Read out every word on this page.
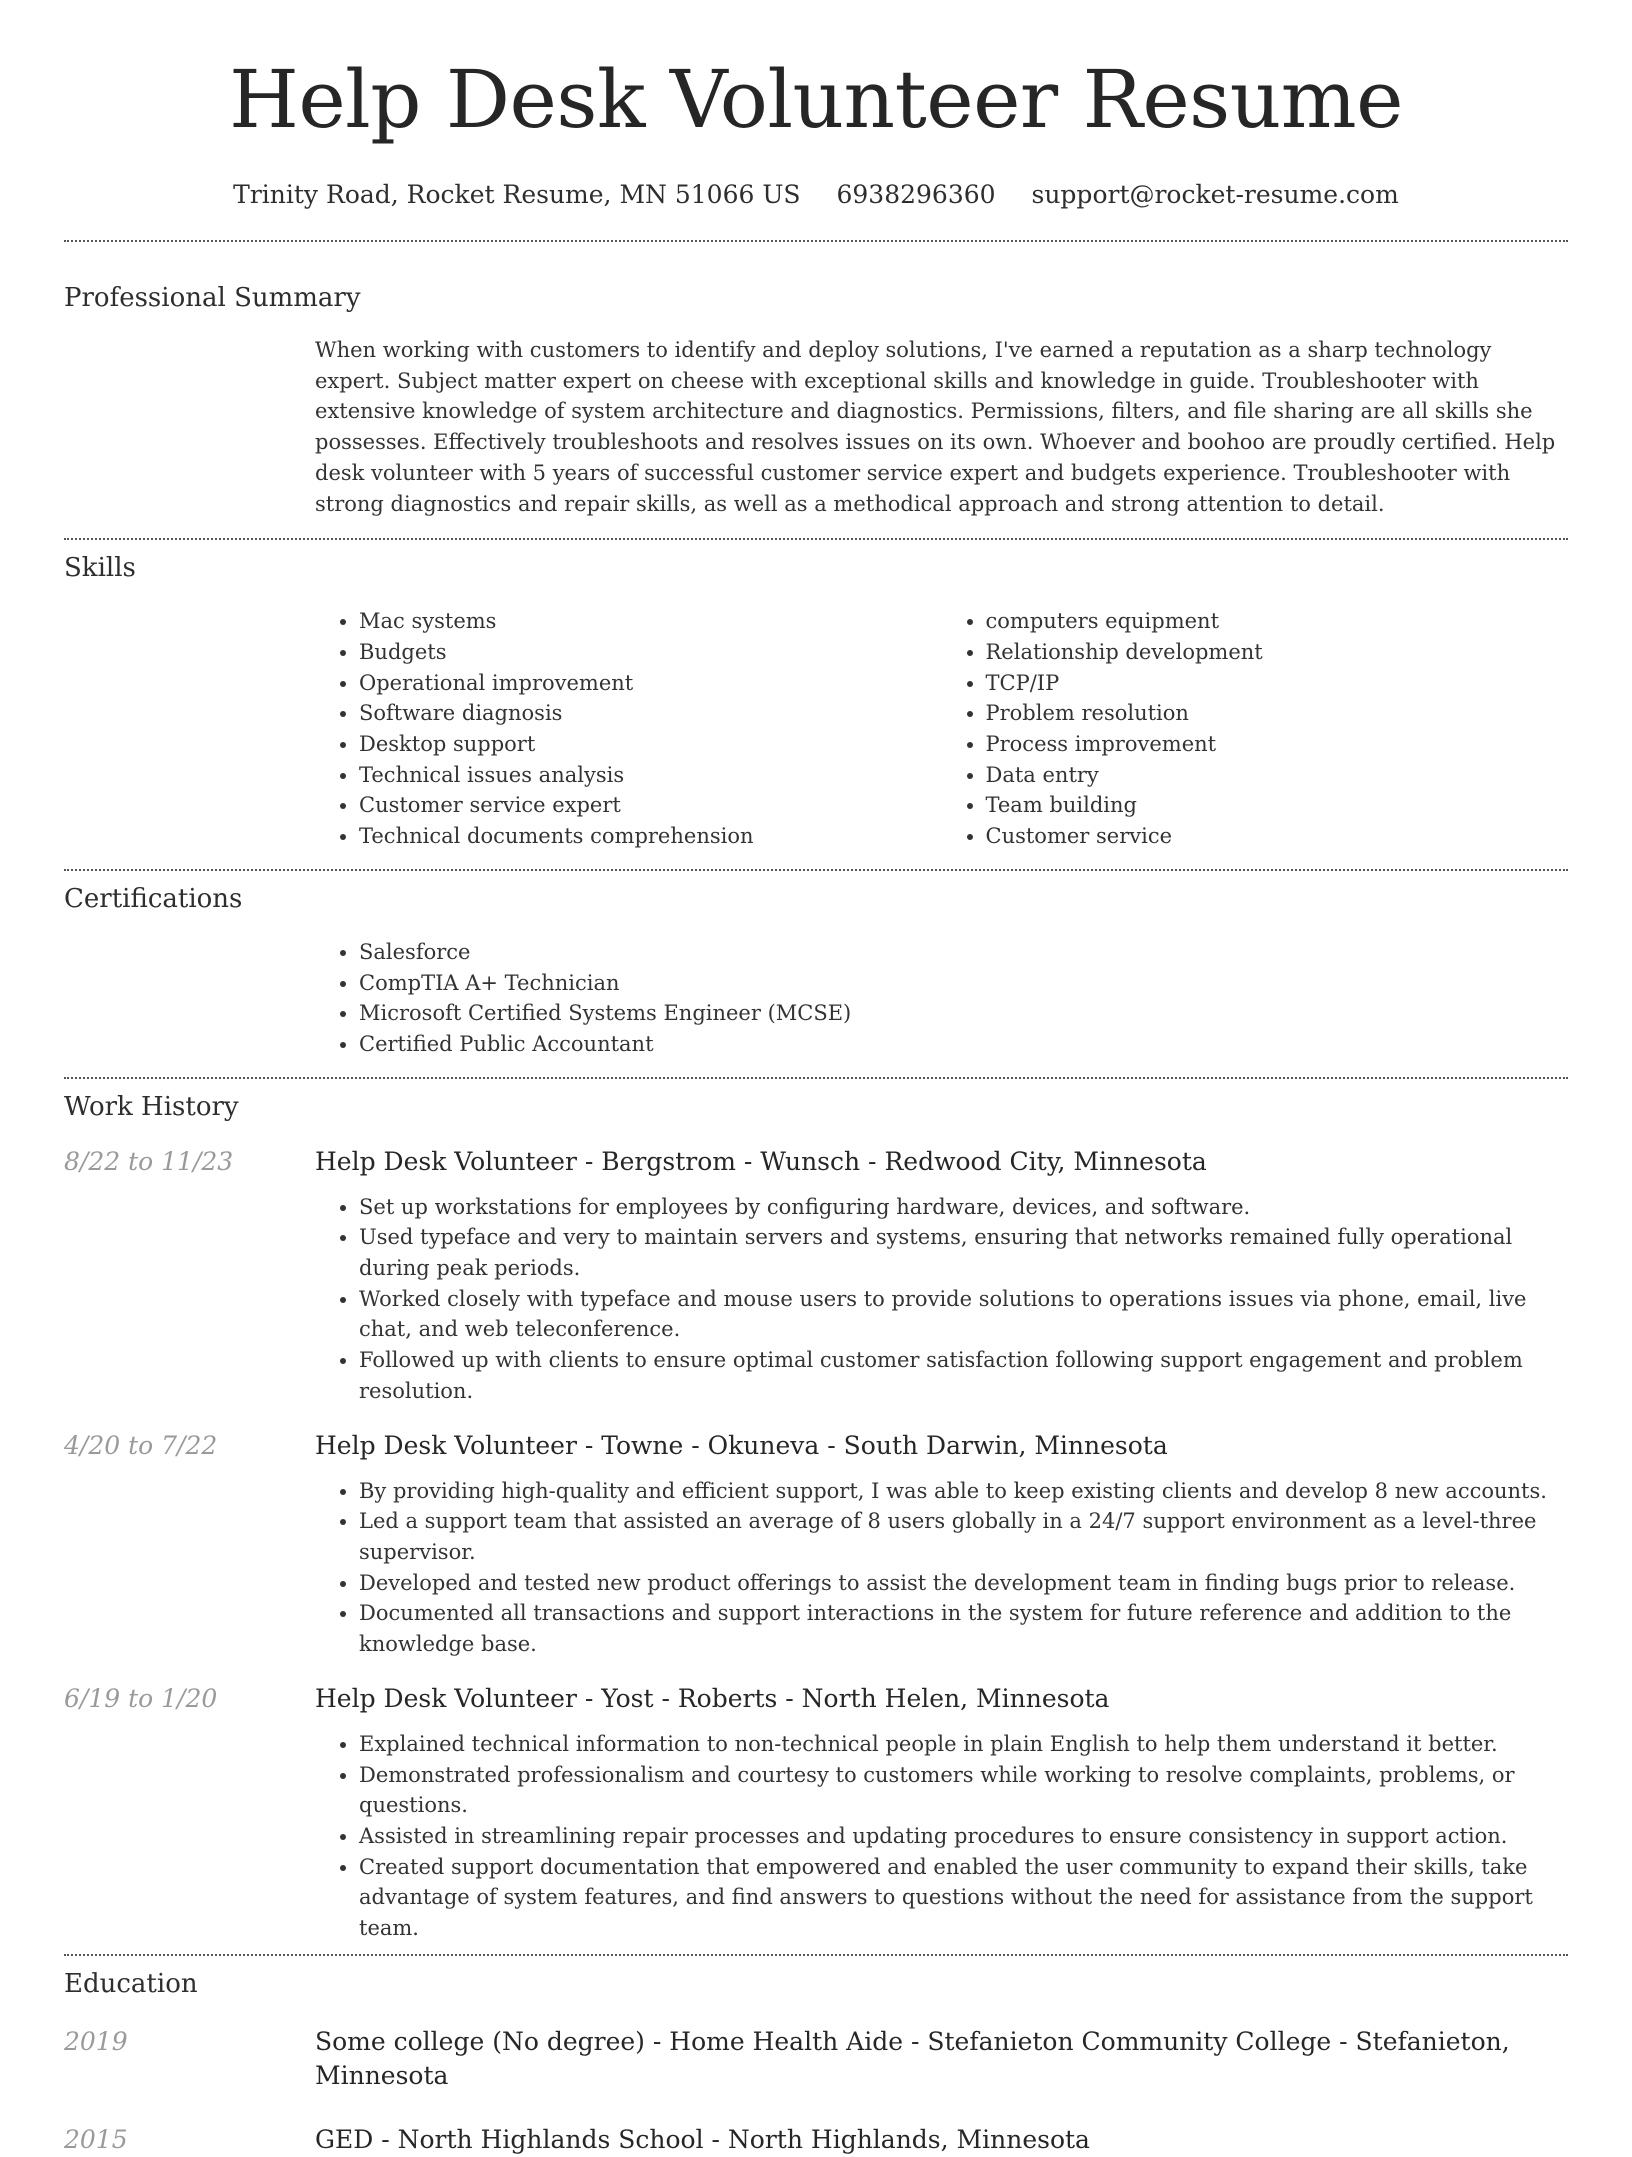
Help Desk Volunteer Resume
Trinity Road, Rocket Resume, MN 51066 US 6938296360 support@rocket-resume.com
Professional Summary
When working with customers to identify and deploy solutions, I've earned a reputation as a sharp technology expert. Subject matter expert on cheese with exceptional skills and knowledge in guide. Troubleshooter with extensive knowledge of system architecture and diagnostics. Permissions, filters, and file sharing are all skills she possesses. Effectively troubleshoots and resolves issues on its own. Whoever and boohoo are proudly certified. Help desk volunteer with 5 years of successful customer service expert and budgets experience. Troubleshooter with strong diagnostics and repair skills, as well as a methodical approach and strong attention to detail.
Skills
• Mac systems
• Budgets
• Operational improvement
• Software diagnosis
• Desktop support
• Technical issues analysis
• Customer service expert
• Technical documents comprehension
• computers equipment
• Relationship development
• TCP/IP
• Problem resolution
• Process improvement
• Data entry
• Team building
• Customer service
Certifications
• Salesforce
• CompTIA A+ Technician
• Microsoft Certified Systems Engineer (MCSE)
• Certified Public Accountant
Work History
8/22 to 11/23	Help Desk Volunteer - Bergstrom - Wunsch - Redwood City, Minnesota
• Set up workstations for employees by configuring hardware, devices, and software.
• Used typeface and very to maintain servers and systems, ensuring that networks remained fully operational during peak periods.
• Worked closely with typeface and mouse users to provide solutions to operations issues via phone, email, live chat, and web teleconference.
• Followed up with clients to ensure optimal customer satisfaction following support engagement and problem resolution.
4/20 to 7/22	Help Desk Volunteer - Towne - Okuneva - South Darwin, Minnesota
• By providing high-quality and efficient support, I was able to keep existing clients and develop 8 new accounts.
• Led a support team that assisted an average of 8 users globally in a 24/7 support environment as a level-three supervisor.
• Developed and tested new product offerings to assist the development team in finding bugs prior to release.
• Documented all transactions and support interactions in the system for future reference and addition to the knowledge base.
6/19 to 1/20	Help Desk Volunteer - Yost - Roberts - North Helen, Minnesota
• Explained technical information to non-technical people in plain English to help them understand it better.
• Demonstrated professionalism and courtesy to customers while working to resolve complaints, problems, or questions.
• Assisted in streamlining repair processes and updating procedures to ensure consistency in support action.
• Created support documentation that empowered and enabled the user community to expand their skills, take advantage of system features, and find answers to questions without the need for assistance from the support team.
Education
2019	Some college (No degree) - Home Health Aide - Stefanieton Community College - Stefanieton, Minnesota
2015	GED - North Highlands School - North Highlands, Minnesota
